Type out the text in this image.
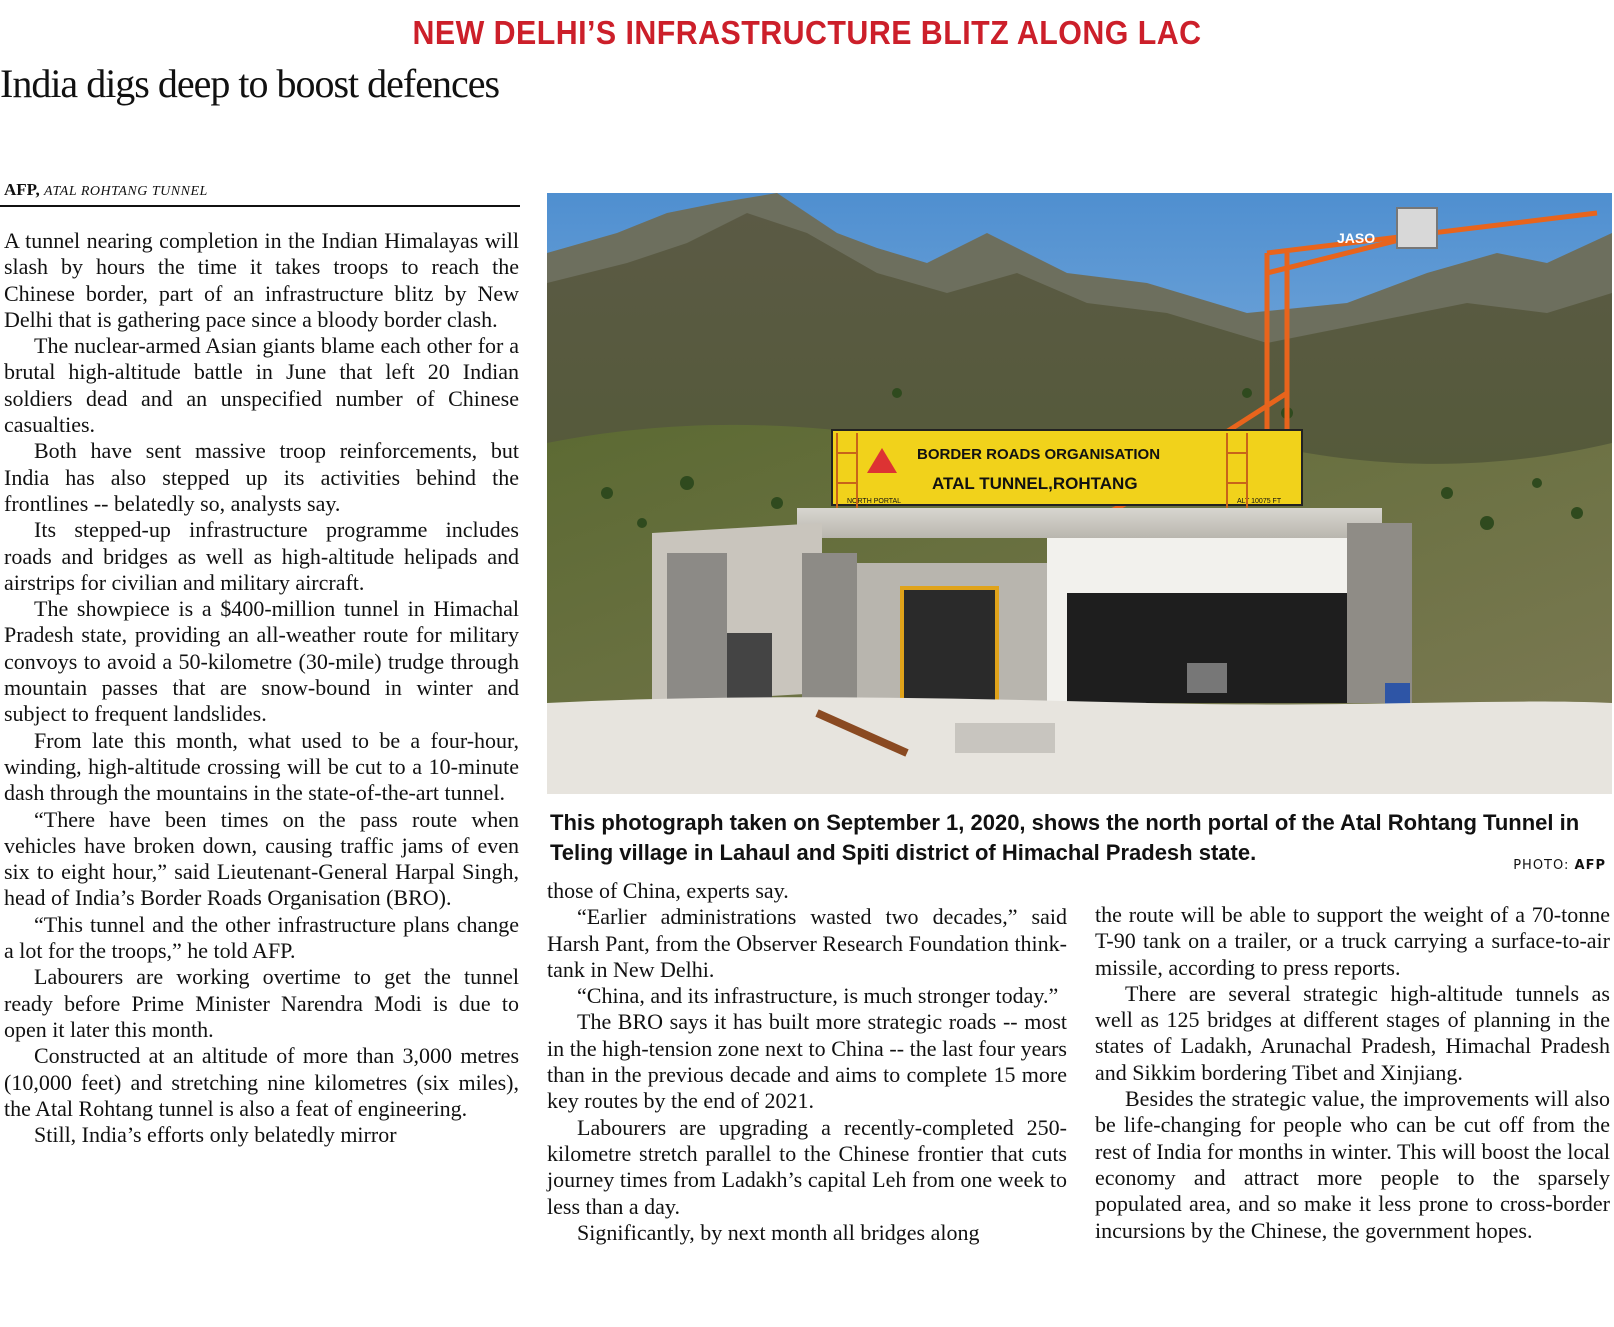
NEW DELHI’S INFRASTRUCTURE BLITZ ALONG LAC
India digs deep to boost defences
AFP, ATAL ROHTANG TUNNEL

A tunnel nearing completion in the Indian Himalayas will slash by hours the time it takes troops to reach the Chinese border, part of an infrastructure blitz by New Delhi that is gathering pace since a bloody border clash.

The nuclear-armed Asian giants blame each other for a brutal high-altitude battle in June that left 20 Indian soldiers dead and an unspecified number of Chinese casualties.

Both have sent massive troop reinforcements, but India has also stepped up its activities behind the frontlines -- belatedly so, analysts say.

Its stepped-up infrastructure programme includes roads and bridges as well as high-altitude helipads and airstrips for civilian and military aircraft.

The showpiece is a $400-million tunnel in Himachal Pradesh state, providing an all-weather route for military convoys to avoid a 50-kilometre (30-mile) trudge through mountain passes that are snow-bound in winter and subject to frequent landslides.

From late this month, what used to be a four-hour, winding, high-altitude crossing will be cut to a 10-minute dash through the mountains in the state-of-the-art tunnel.

“There have been times on the pass route when vehicles have broken down, causing traffic jams of even six to eight hour,” said Lieutenant-General Harpal Singh, head of India’s Border Roads Organisation (BRO).

“This tunnel and the other infrastructure plans change a lot for the troops,” he told AFP.

Labourers are working overtime to get the tunnel ready before Prime Minister Narendra Modi is due to open it later this month.

Constructed at an altitude of more than 3,000 metres (10,000 feet) and stretching nine kilometres (six miles), the Atal Rohtang tunnel is also a feat of engineering.

Still, India’s efforts only belatedly mirror

JASO
BORDER ROADS ORGANISATION
ATAL TUNNEL,ROHTANG
NORTH PORTAL	ALT 10075 FT
This photograph taken on September 1, 2020, shows the north portal of the Atal Rohtang Tunnel in Teling village in Lahaul and Spiti district of Himachal Pradesh state.
PHOTO: AFP

those of China, experts say.

“Earlier administrations wasted two decades,” said Harsh Pant, from the Observer Research Foundation think-tank in New Delhi.

“China, and its infrastructure, is much stronger today.”

The BRO says it has built more strategic roads -- most in the high-tension zone next to China -- the last four years than in the previous decade and aims to complete 15 more key routes by the end of 2021.

Labourers are upgrading a recently-completed 250-kilometre stretch parallel to the Chinese frontier that cuts journey times from Ladakh’s capital Leh from one week to less than a day.

Significantly, by next month all bridges along

the route will be able to support the weight of a 70-tonne T-90 tank on a trailer, or a truck carrying a surface-to-air missile, according to press reports.

There are several strategic high-altitude tunnels as well as 125 bridges at different stages of planning in the states of Ladakh, Arunachal Pradesh, Himachal Pradesh and Sikkim bordering Tibet and Xinjiang.

Besides the strategic value, the improvements will also be life-changing for people who can be cut off from the rest of India for months in winter. This will boost the local economy and attract more people to the sparsely populated area, and so make it less prone to cross-border incursions by the Chinese, the government hopes.
